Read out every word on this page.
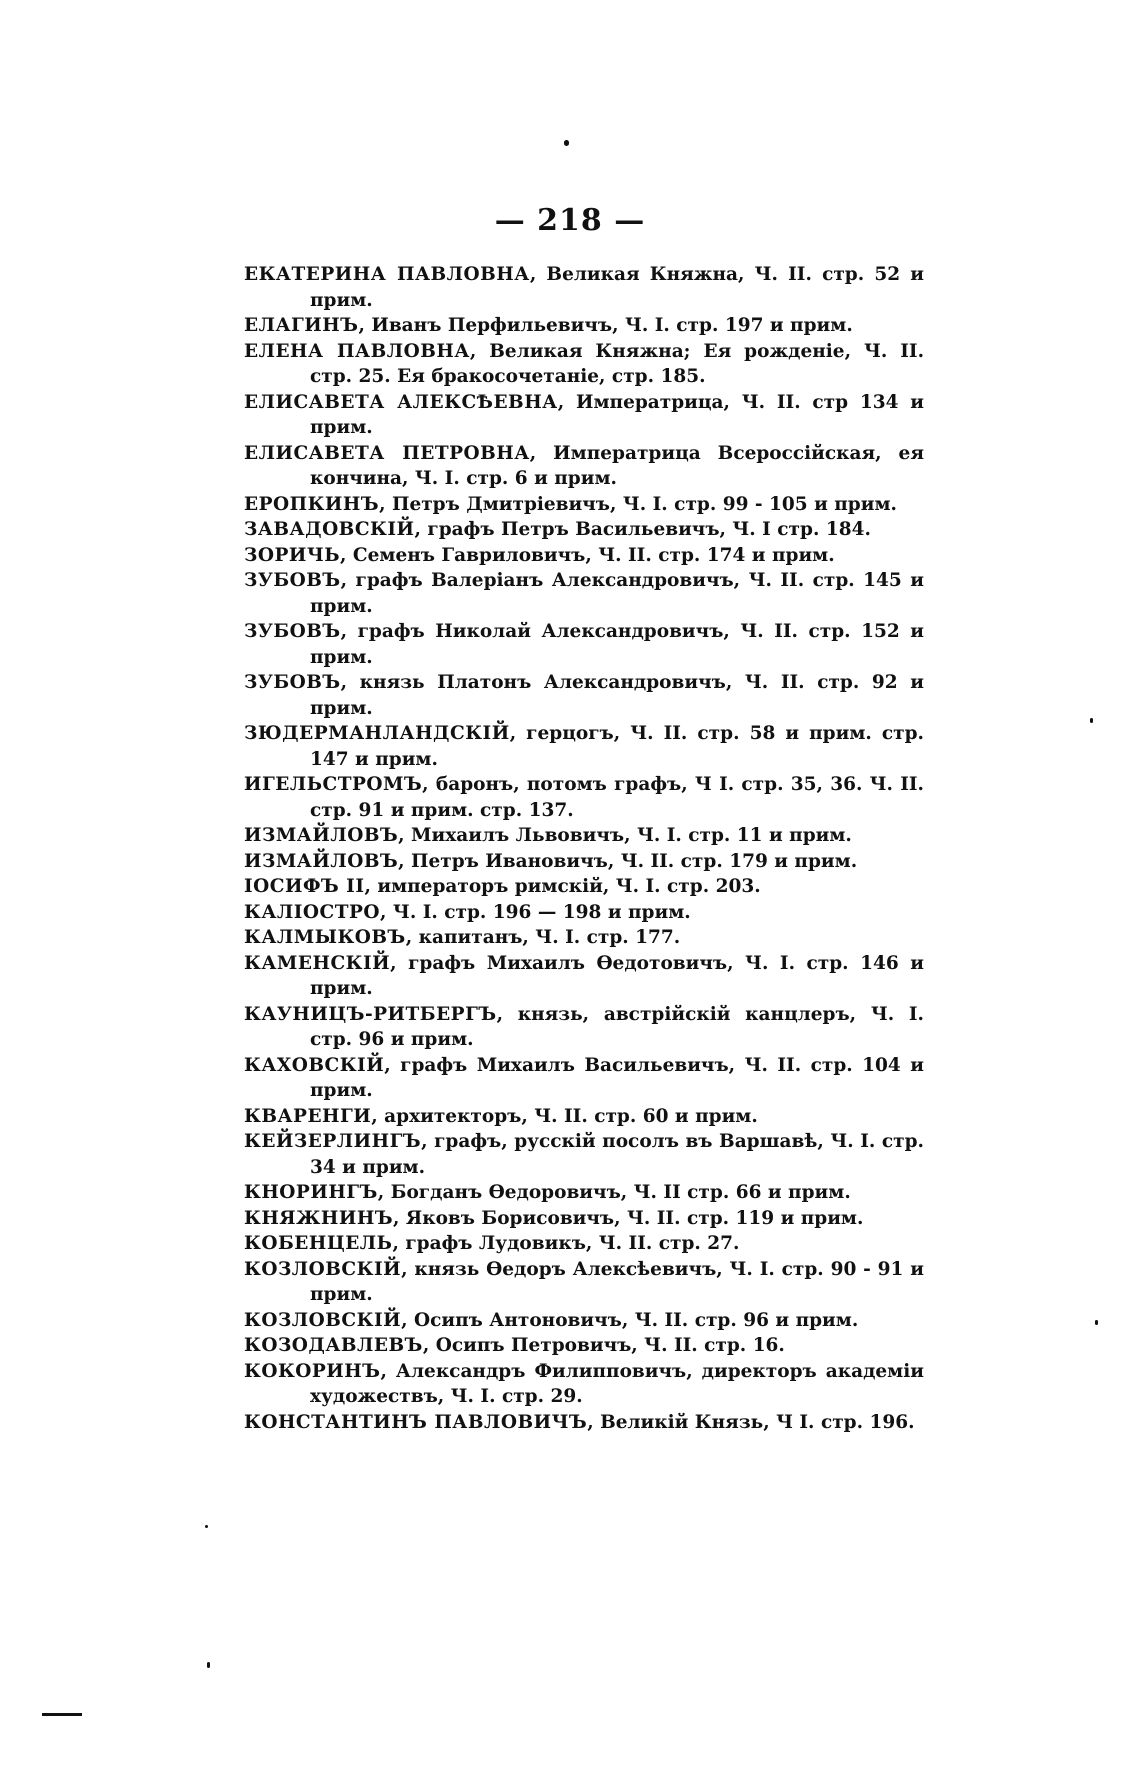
— 218 —

ЕКАТЕРИНА ПАВЛОВНА, Великая Княжна, Ч. II. стр. 52 и прим.

ЕЛАГИНЪ, Иванъ Перфильевичъ, Ч. I. стр. 197 и прим.

ЕЛЕНА ПАВЛОВНА, Великая Княжна; Ея рожденіе, Ч. II. стр. 25. Ея бракосочетаніе, стр. 185.

ЕЛИСАВЕТА АЛЕКСѢЕВНА, Императрица, Ч. II. стр 134 и прим.

ЕЛИСАВЕТА ПЕТРОВНА, Императрица Всероссійская, ея кончина, Ч. I. стр. 6 и прим.

ЕРОПКИНЪ, Петръ Дмитріевичъ, Ч. I. стр. 99 - 105 и прим.

ЗАВАДОВСКІЙ, графъ Петръ Васильевичъ, Ч. I стр. 184.

ЗОРИЧЬ, Семенъ Гавриловичъ, Ч. II. стр. 174 и прим.

ЗУБОВЪ, графъ Валеріанъ Александровичъ, Ч. II. стр. 145 и прим.

ЗУБОВЪ, графъ Николай Александровичъ, Ч. II. стр. 152 и прим.

ЗУБОВЪ, князь Платонъ Александровичъ, Ч. II. стр. 92 и прим.

ЗЮДЕРМАНЛАНДСКІЙ, герцогъ, Ч. II. стр. 58 и прим. стр. 147 и прим.

ИГЕЛЬСТРОМЪ, баронъ, потомъ графъ, Ч I. стр. 35, 36. Ч. II. стр. 91 и прим. стр. 137.

ИЗМАЙЛОВЪ, Михаилъ Львовичъ, Ч. I. стр. 11 и прим.

ИЗМАЙЛОВЪ, Петръ Ивановичъ, Ч. II. стр. 179 и прим.

ІОСИФЪ II, императоръ римскій, Ч. I. стр. 203.

КАЛІОСТРО, Ч. I. стр. 196 — 198 и прим.

КАЛМЫКОВЪ, капитанъ, Ч. I. стр. 177.

КАМЕНСКІЙ, графъ Михаилъ Ѳедотовичъ, Ч. I. стр. 146 и прим.

КАУНИЦЪ-РИТБЕРГЪ, князь, австрійскій канцлеръ, Ч. I. стр. 96 и прим.

КАХОВСКІЙ, графъ Михаилъ Васильевичъ, Ч. II. стр. 104 и прим.

КВАРЕНГИ, архитекторъ, Ч. II. стр. 60 и прим.

КЕЙЗЕРЛИНГЪ, графъ, русскій посолъ въ Варшавѣ, Ч. I. стр. 34 и прим.

КНОРИНГЪ, Богданъ Ѳедоровичъ, Ч. II стр. 66 и прим.

КНЯЖНИНЪ, Яковъ Борисовичъ, Ч. II. стр. 119 и прим.

КОБЕНЦЕЛЬ, графъ Лудовикъ, Ч. II. стр. 27.

КОЗЛОВСКІЙ, князь Ѳедоръ Алексѣевичъ, Ч. I. стр. 90 - 91 и прим.

КОЗЛОВСКІЙ, Осипъ Антоновичъ, Ч. II. стр. 96 и прим.

КОЗОДАВЛЕВЪ, Осипъ Петровичъ, Ч. II. стр. 16.

КОКОРИНЪ, Александръ Филипповичъ, директоръ академіи художествъ, Ч. I. стр. 29.

КОНСТАНТИНЪ ПАВЛОВИЧЪ, Великій Князь, Ч I. стр. 196.
